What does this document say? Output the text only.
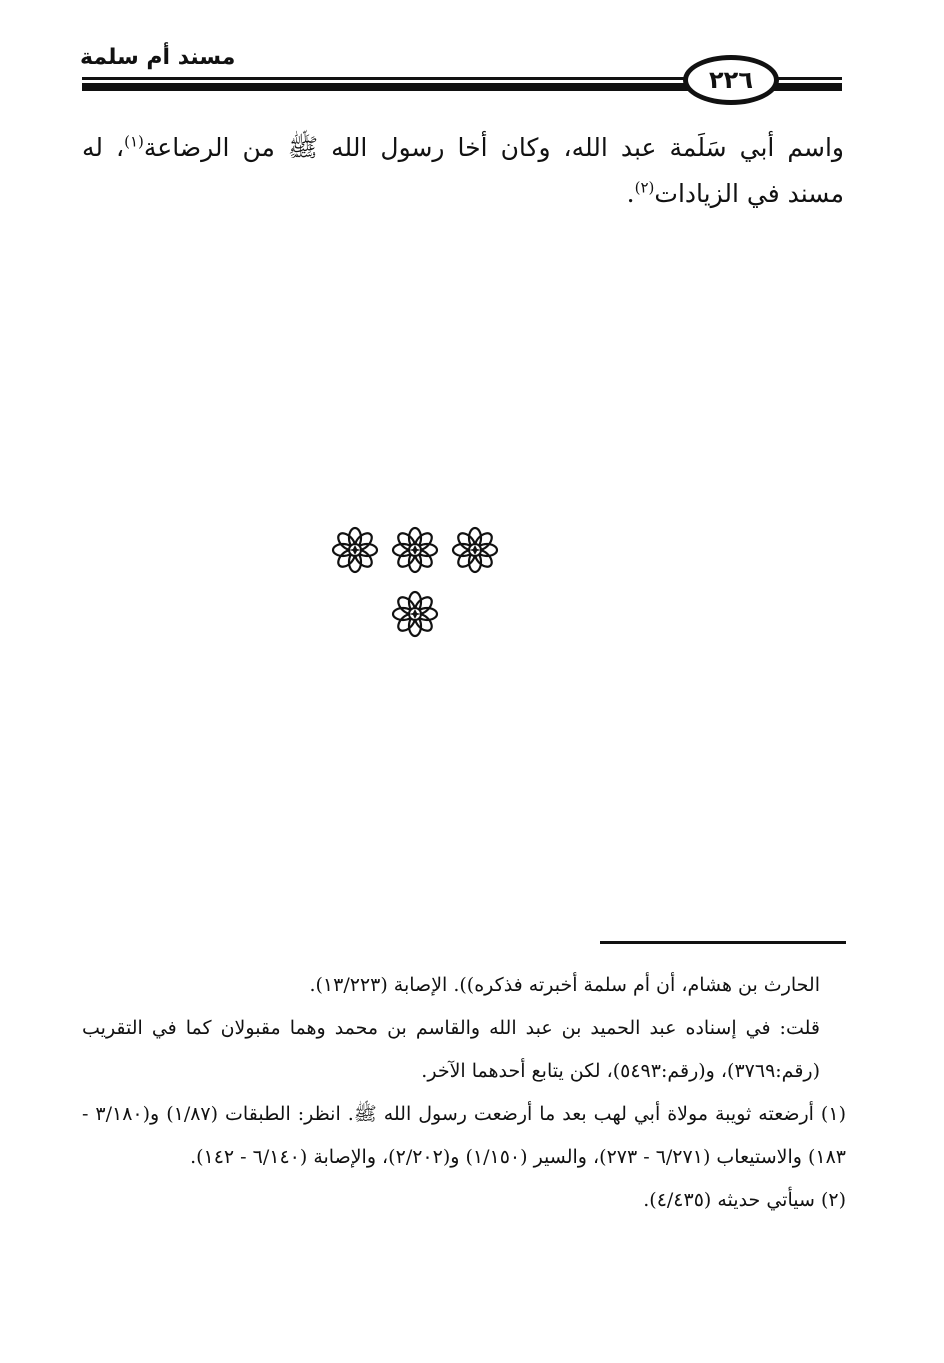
مسند أم سلمة
٢٢٦

واسم أبي سَلَمة عبد الله، وكان أخا رسول الله ﷺ من الرضاعة$^{(١)}$، له مسند في الزيادات$^{(٢)}$.

الحارث بن هشام، أن أم سلمة أخبرته فذكره)). الإصابة (١٣/٢٢٣).

قلت: في إسناده عبد الحميد بن عبد الله والقاسم بن محمد وهما مقبولان كما في التقريب (رقم:٣٧٦٩)، و(رقم:٥٤٩٣)، لكن يتابع أحدهما الآخر.

(١) أرضعته ثويبة مولاة أبي لهب بعد ما أرضعت رسول الله ﷺ. انظر: الطبقات (١/٨٧) و(٣/١٨٠ - ١٨٣) والاستيعاب (٦/٢٧١ - ٢٧٣)، والسير (١/١٥٠) و(٢/٢٠٢)، والإصابة (٦/١٤٠ - ١٤٢).

(٢) سيأتي حديثه (٤/٤٣٥).
